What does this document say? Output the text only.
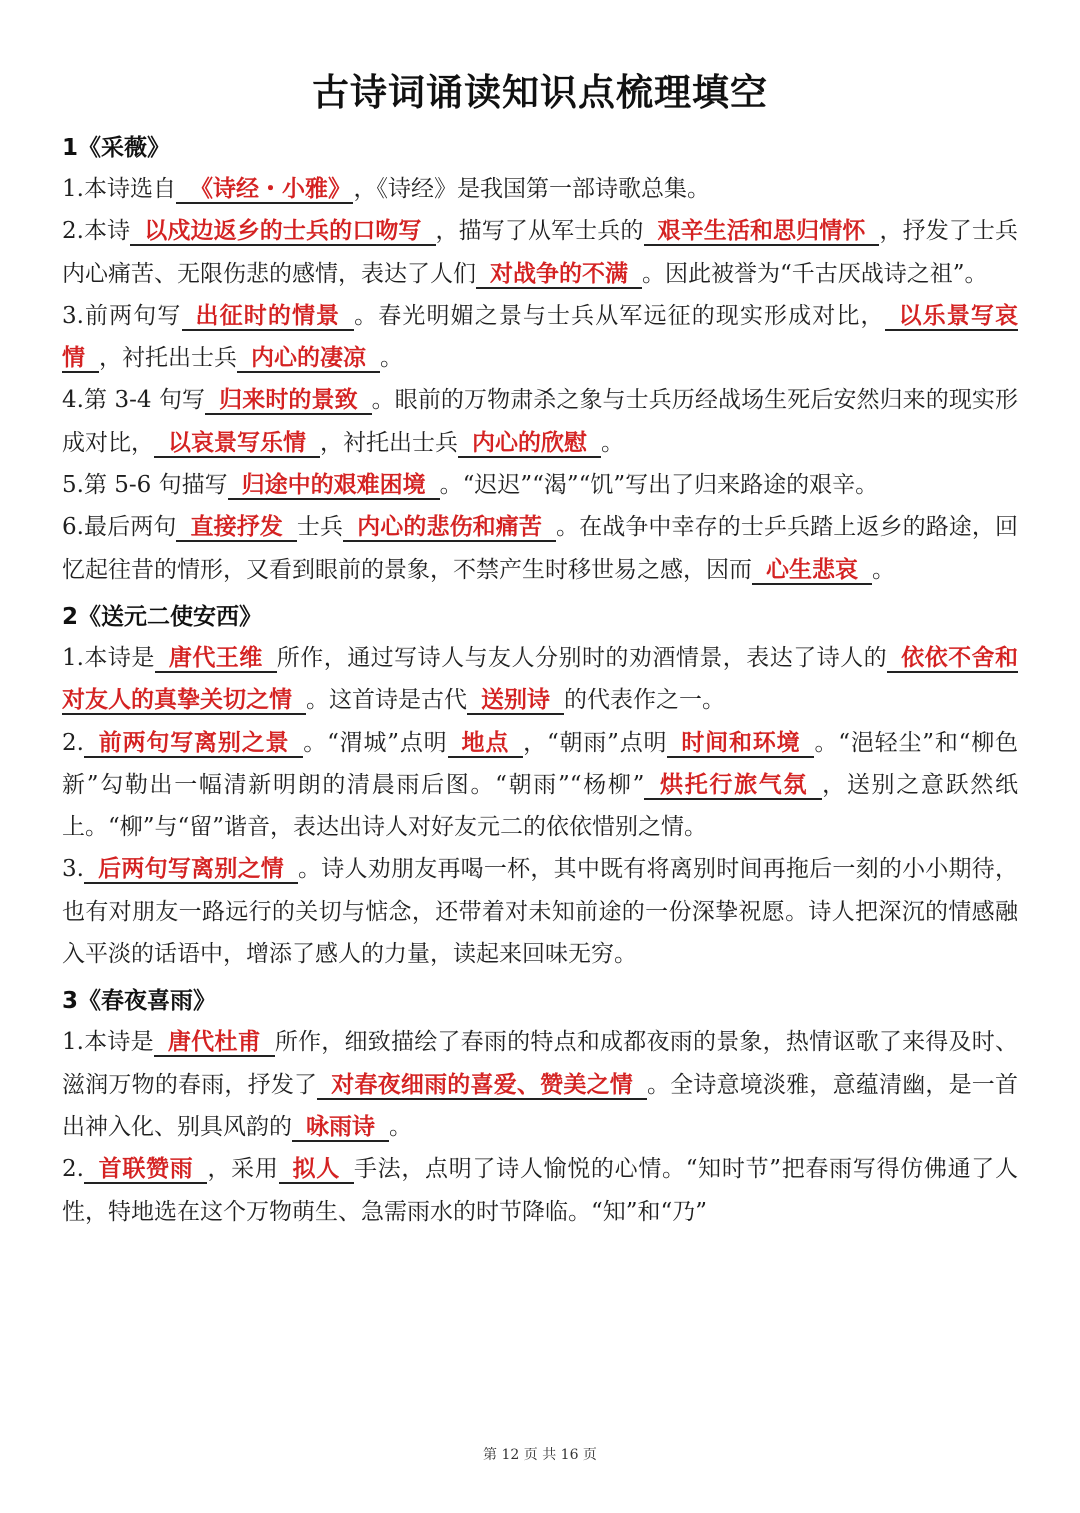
古诗词诵读知识点梳理填空
1《采薇》

1.本诗选自 《诗经・小雅》 ，《诗经》是我国第一部诗歌总集。

2.本诗 以戍边返乡的士兵的口吻写 ，描写了从军士兵的 艰辛生活和思归情怀 ，抒发了士兵内心痛苦、无限伤悲的感情，表达了人们 对战争的不满 。因此被誉为“千古厌战诗之祖”。

3.前两句写 出征时的情景 。春光明媚之景与士兵从军远征的现实形成对比， 以乐景写哀情 ，衬托出士兵 内心的凄凉 。

4.第 3-4 句写 归来时的景致 。眼前的万物肃杀之象与士兵历经战场生死后安然归来的现实形成对比， 以哀景写乐情 ，衬托出士兵 内心的欣慰 。

5.第 5-6 句描写 归途中的艰难困境 。“迟迟”“渴”“饥”写出了归来路途的艰辛。

6.最后两句 直接抒发 士兵 内心的悲伤和痛苦 。在战争中幸存的士乒兵踏上返乡的路途，回忆起往昔的情形，又看到眼前的景象，不禁产生时移世易之感，因而 心生悲哀 。

2《送元二使安西》

1.本诗是 唐代王维 所作，通过写诗人与友人分别时的劝酒情景，表达了诗人的 依依不舍和对友人的真挚关切之情 。这首诗是古代 送别诗 的代表作之一。

2. 前两句写离别之景 。“渭城”点明 地点 ，“朝雨”点明 时间和环境 。“浥轻尘”和“柳色新”勾勒出一幅清新明朗的清晨雨后图。“朝雨”“杨柳” 烘托行旅气氛 ，送别之意跃然纸上。“柳”与“留”谐音，表达出诗人对好友元二的依依惜别之情。

3. 后两句写离别之情 。诗人劝朋友再喝一杯，其中既有将离别时间再拖后一刻的小小期待，也有对朋友一路远行的关切与惦念，还带着对未知前途的一份深挚祝愿。诗人把深沉的情感融入平淡的话语中，增添了感人的力量，读起来回味无穷。

3《春夜喜雨》

1.本诗是 唐代杜甫 所作，细致描绘了春雨的特点和成都夜雨的景象，热情讴歌了来得及时、滋润万物的春雨，抒发了 对春夜细雨的喜爱、赞美之情 。全诗意境淡雅，意蕴清幽，是一首出神入化、别具风韵的 咏雨诗 。

2. 首联赞雨 ，采用 拟人 手法，点明了诗人愉悦的心情。“知时节”把春雨写得仿佛通了人性，特地选在这个万物萌生、急需雨水的时节降临。“知”和“乃”

第 12 页 共 16 页
